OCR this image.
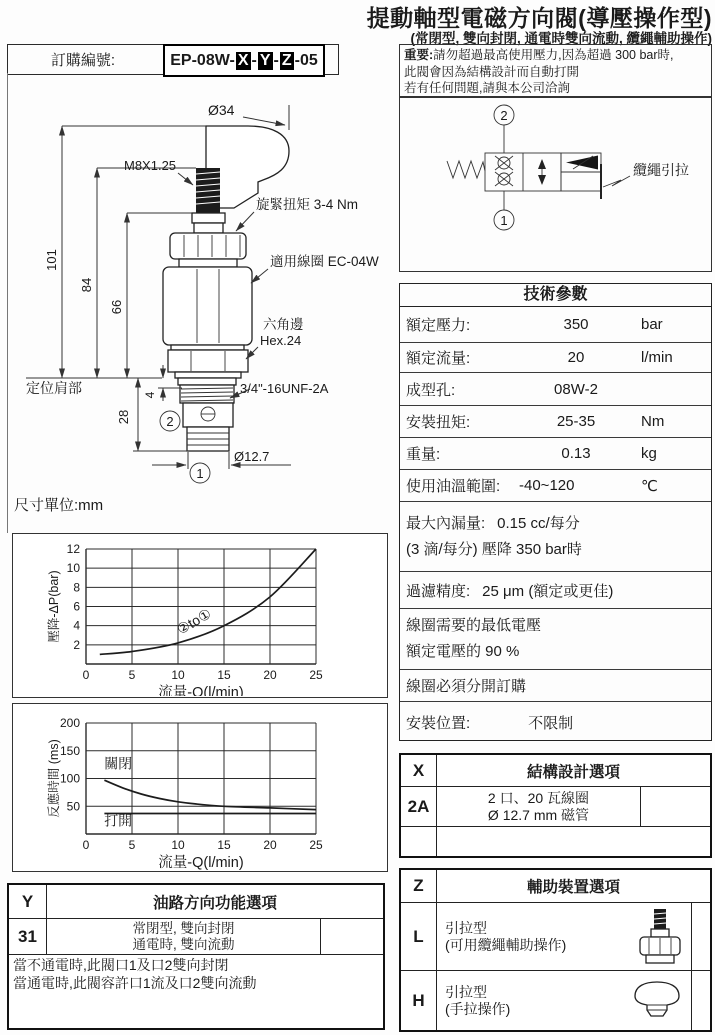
提動軸型電磁方向閥(導壓操作型)
(常閉型, 雙向封閉, 通電時雙向流動, 纜繩輔助操作)
訂購編號:	EP-08W- X - Y - Z -05	重要:請勿超過最高使用壓力,因為超過 300 bar時,
此閥會因為結構設計而自動打開
若有任何問題,請與本公司洽詢
2
1
纜繩引拉
101
84
66
定位肩部	4
28
Ø34
Ø12.7
2
1
M8X1.25
旋緊扭矩 3-4 Nm
適用線圈 EC-04W
六角邊
Hex.24
3/4"-16UNF-2A
尺寸單位:mm
技術參數
額定壓力:	350	bar
額定流量:	20	l/min
成型孔:	08W-2
安裝扭矩:	25-35	Nm
重量:	0.13	kg
使用油溫範圍:	-40~120	℃
最大內漏量: 0.15 cc/每分
(3 滴/每分) 壓降 350 bar時
過濾精度: 25 μm (額定或更佳)
線圈需要的最低電壓
額定電壓的 90 %
線圈必須分開訂購
安裝位置:	不限制
0	5	10	15	20	25
2
4
6
8
10
12
②to①
流量-Q(l/min)
壓降-ΔP(bar)
0	5	10	15	20	25
50
100
150
200
關閉
打開
流量-Q(l/min)
反應時間 (ms)
Y	油路方向功能選項
31	常閉型, 雙向封閉
通電時, 雙向流動
當不通電時,此閥口1及口2雙向封閉
當通電時,此閥容許口1流及口2雙向流動
X	結構設計選項
2A	2 口、20 瓦線圈
Ø 12.7 mm 磁管
Z	輔助裝置選項
L	引拉型
(可用纜繩輔助操作)
H	引拉型
(手拉操作)
